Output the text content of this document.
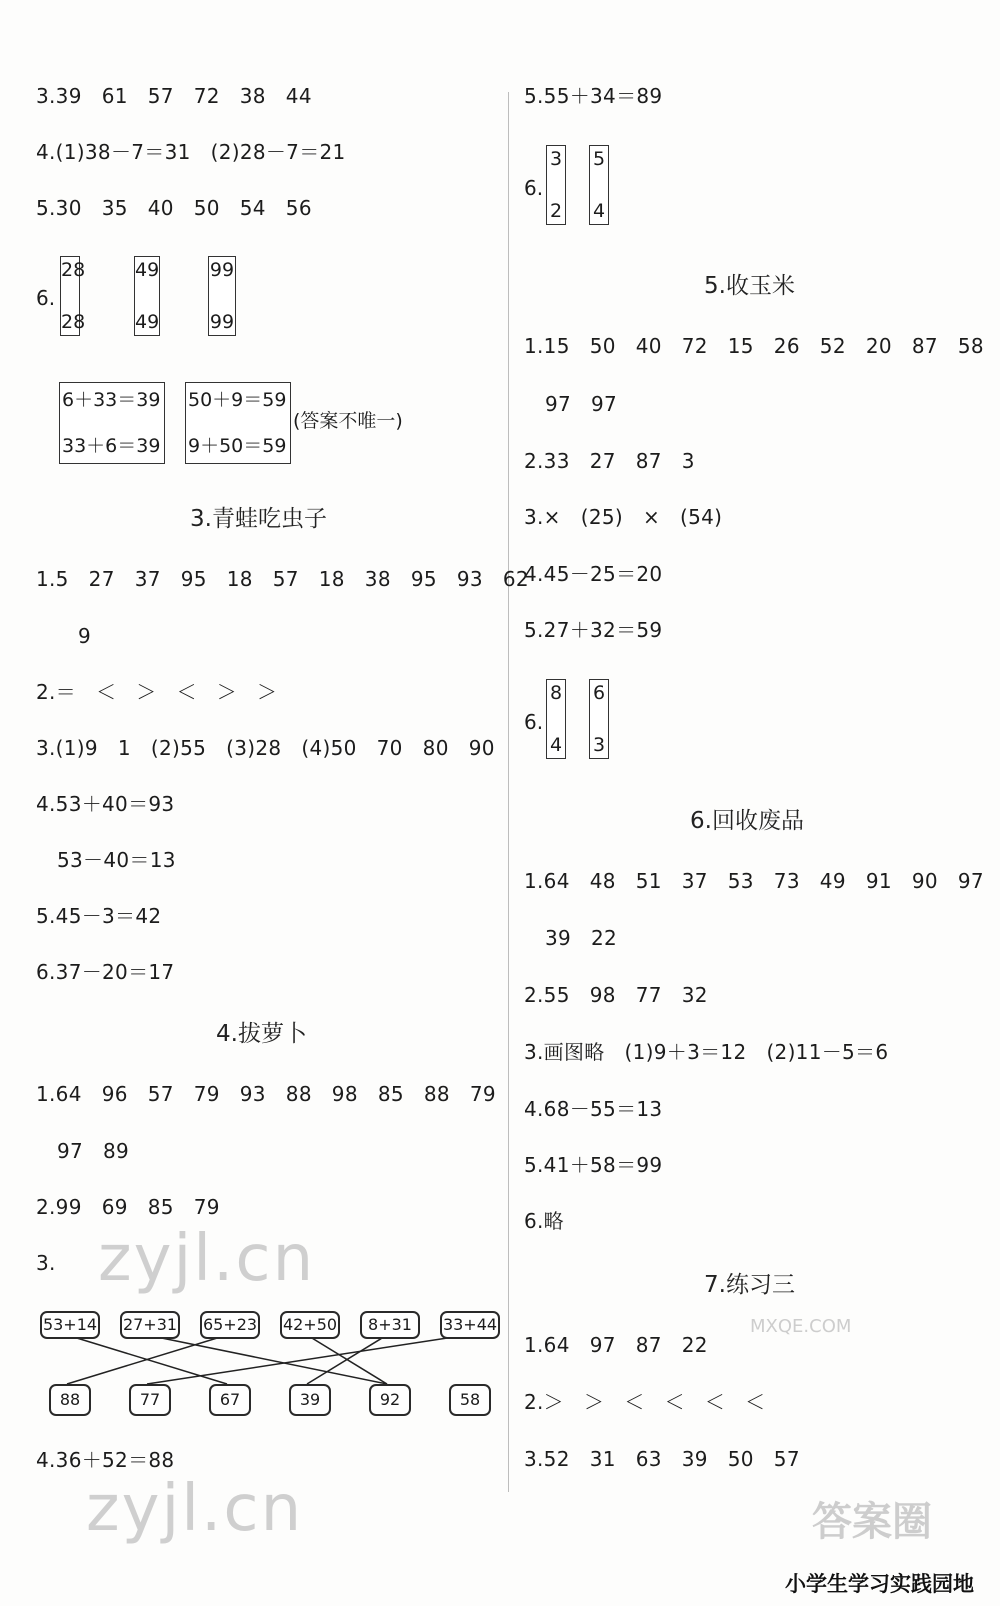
3.39   61   57   72   38   44
4.(1)38－7＝31   (2)28－7＝21
5.30   35   40   50   54   56
6.
28
28
49
49
99
99
6＋33＝39
33＋6＝39
50＋9＝59
9＋50＝59
(答案不唯一)
3.青蛙吃虫子
1.5   27   37   95   18   57   18   38   95   93   62
9
2.＝   ＜   ＞   ＜   ＞   ＞
3.(1)9   1   (2)55   (3)28   (4)50   70   80   90
4.53＋40＝93
53－40＝13
5.45－3＝42
6.37－20＝17
4.拔萝卜
1.64   96   57   79   93   88   98   85   88   79
97   89
2.99   69   85   79
3.
53+14 27+31 65+23 42+50	8+31	33+44
88	77	67	39	92	58
4.36＋52＝88
5.55＋34＝89
6.
3
2
5
4
5.收玉米
1.15   50   40   72   15   26   52   20   87   58
97   97
2.33   27   87   3
3.×   (25)   ×   (54)
4.45－25＝20
5.27＋32＝59
6.
8
4
6
3
6.回收废品
1.64   48   51   37   53   73   49   91   90   97
39   22
2.55   98   77   32
3.画图略   (1)9＋3＝12   (2)11－5＝6
4.68－55＝13
5.41＋58＝99
6.略
7.练习三
1.64   97   87   22
2.＞   ＞   ＜   ＜   ＜   ＜
3.52   31   63   39   50   57
zyjl.cn
zyjl.cn	答案圈
MXQE.COM
小学生学习实践园地
